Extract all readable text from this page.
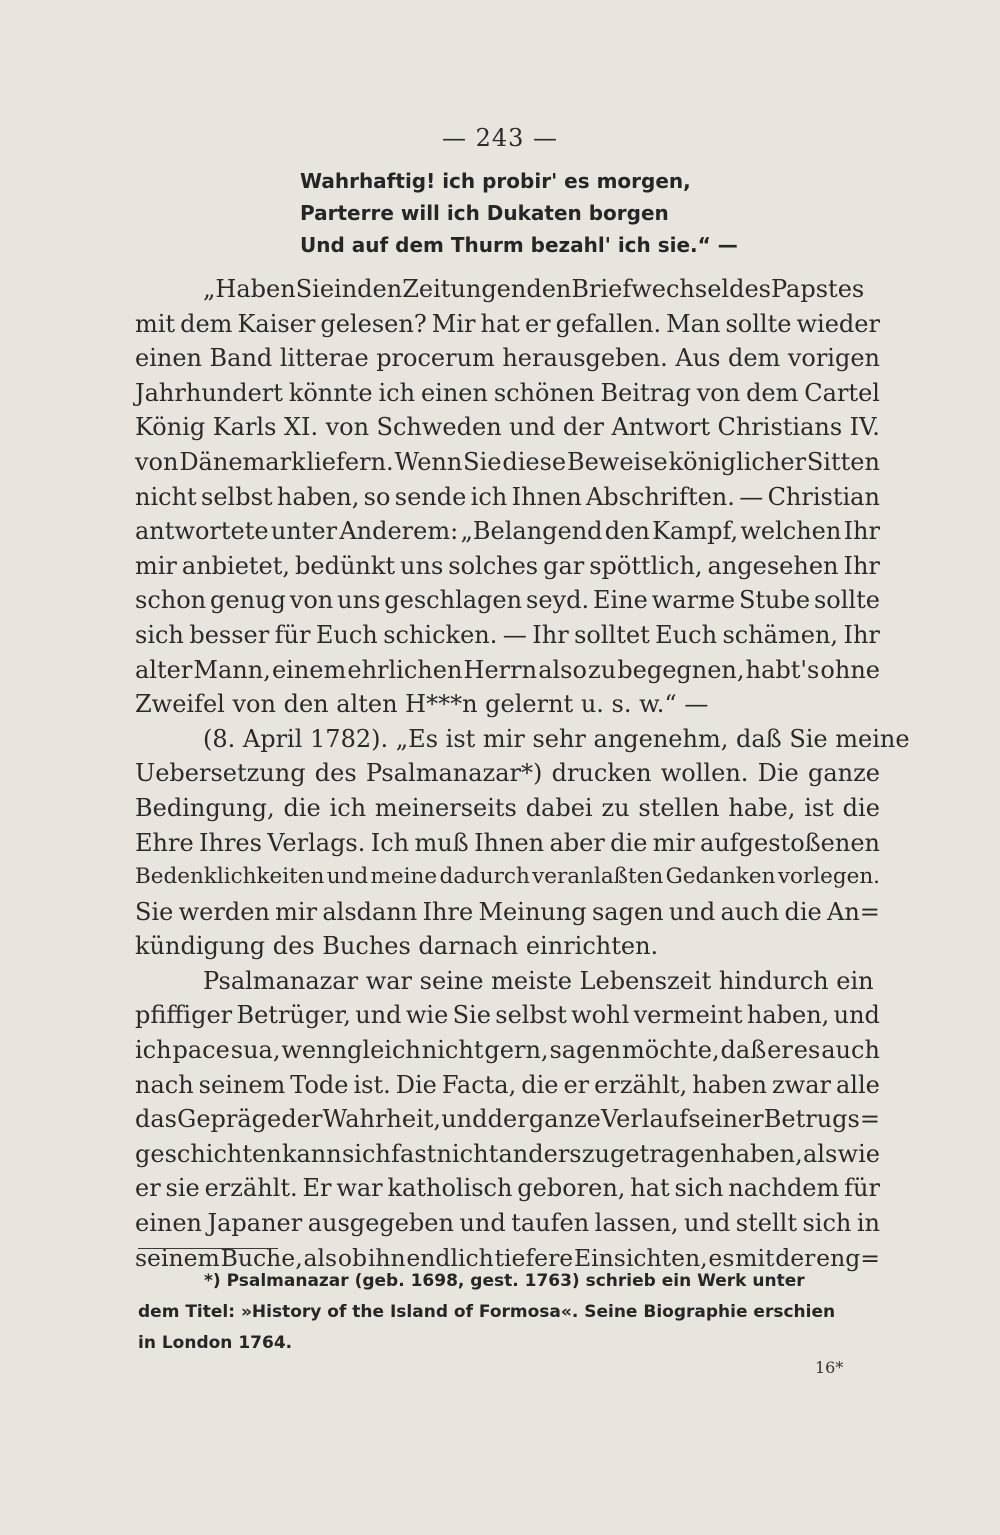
— 243 —
Wahrhaftig! ich probir' es morgen,
Parterre will ich Dukaten borgen
Und auf dem Thurm bezahl' ich sie.“ —
„Haben Sie in den Zeitungen den Briefwechsel des Papstes
mit dem Kaiser gelesen? Mir hat er gefallen. Man sollte wieder
einen Band litterae procerum herausgeben. Aus dem vorigen
Jahrhundert könnte ich einen schönen Beitrag von dem Cartel
König Karls XI. von Schweden und der Antwort Christians IV.
von Dänemark liefern. Wenn Sie diese Beweise königlicher Sitten
nicht selbst haben, so sende ich Ihnen Abschriften. — Christian
antwortete unter Anderem: „Belangend den Kampf, welchen Ihr
mir anbietet, bedünkt uns solches gar spöttlich, angesehen Ihr
schon genug von uns geschlagen seyd. Eine warme Stube sollte
sich besser für Euch schicken. — Ihr solltet Euch schämen, Ihr
alter Mann, einem ehrlichen Herrn also zu begegnen, habt's ohne
Zweifel von den alten H***n gelernt u. s. w.“ —
(8. April 1782). „Es ist mir sehr angenehm, daß Sie meine
Uebersetzung des Psalmanazar*) drucken wollen. Die ganze
Bedingung, die ich meinerseits dabei zu stellen habe, ist die
Ehre Ihres Verlags. Ich muß Ihnen aber die mir aufgestoßenen
Bedenklichkeiten und meine dadurch veranlaßten Gedanken vorlegen.
Sie werden mir alsdann Ihre Meinung sagen und auch die An=
kündigung des Buches darnach einrichten.
Psalmanazar war seine meiste Lebenszeit hindurch ein
pfiffiger Betrüger, und wie Sie selbst wohl vermeint haben, und
ich pace sua, wenngleich nicht gern, sagen möchte, daß er es auch
nach seinem Tode ist. Die Facta, die er erzählt, haben zwar alle
das Gepräge der Wahrheit, und der ganze Verlauf seiner Betrugs=
geschichten kann sich fast nicht anders zugetragen haben, als wie
er sie erzählt. Er war katholisch geboren, hat sich nachdem für
einen Japaner ausgegeben und taufen lassen, und stellt sich in
seinem Buche, als ob ihn endlich tiefere Einsichten, es mit der eng=
*) Psalmanazar (geb. 1698, gest. 1763) schrieb ein Werk unter
dem Titel: »History of the Island of Formosa«. Seine Biographie erschien
in London 1764.
16*
